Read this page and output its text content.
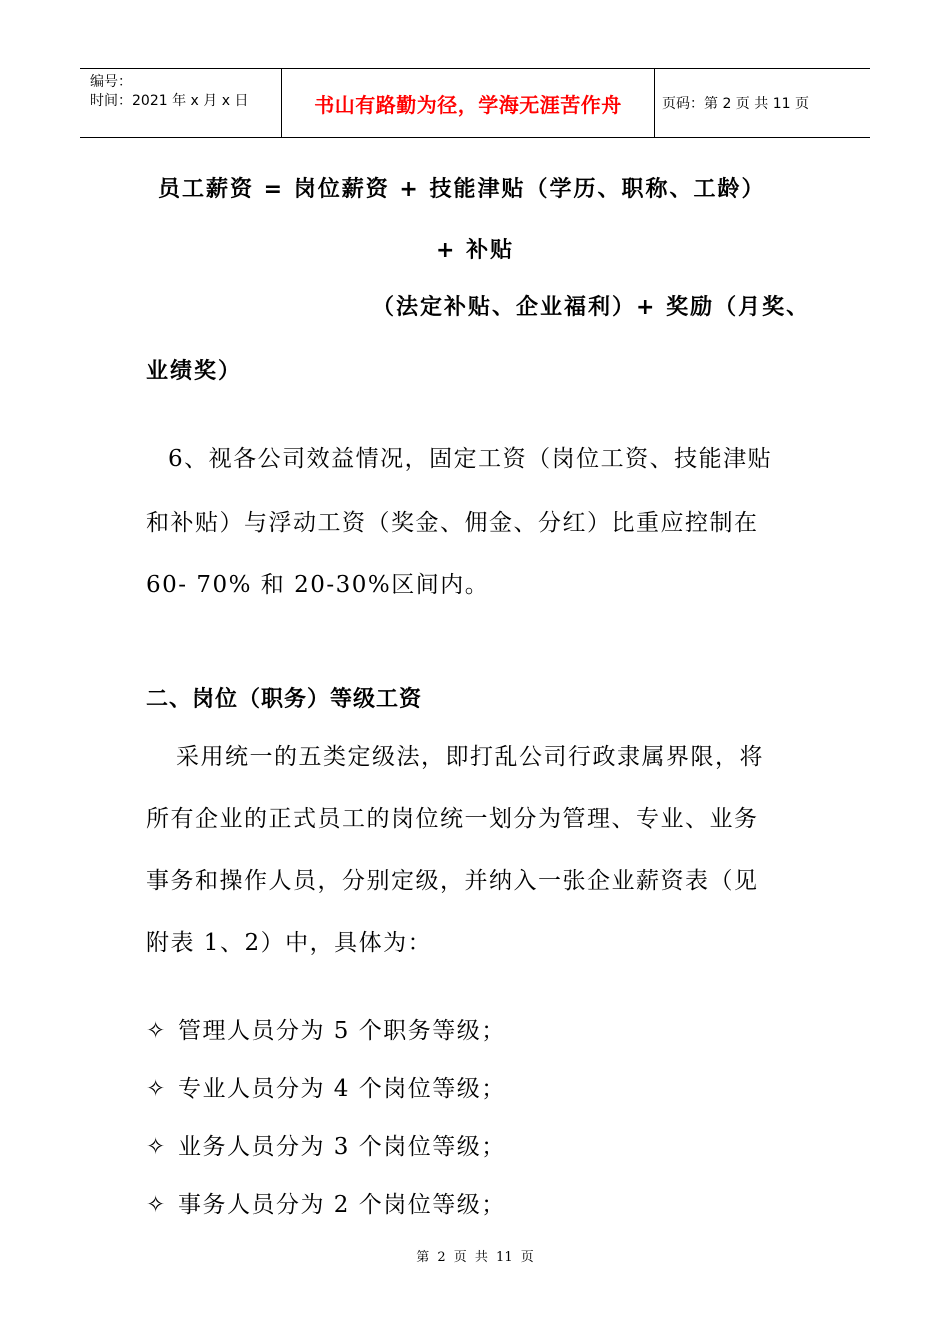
编号：
时间：2021 年 x 月 x 日	书山有路勤为径，学海无涯苦作舟	页码：第 2 页 共 11 页
员工薪资 = 岗位薪资 + 技能津贴（学历、职称、工龄）
+ 补贴
（法定补贴、企业福利）+ 奖励（月奖、
业绩奖）
6、视各公司效益情况，固定工资（岗位工资、技能津贴
和补贴）与浮动工资（奖金、佣金、分红）比重应控制在
60- 70% 和 20-30%区间内。
二、岗位（职务）等级工资
采用统一的五类定级法，即打乱公司行政隶属界限，将
所有企业的正式员工的岗位统一划分为管理、专业、业务
事务和操作人员，分别定级，并纳入一张企业薪资表（见
附表 1、2）中，具体为：
✧ 管理人员分为 5 个职务等级；
✧ 专业人员分为 4 个岗位等级；
✧ 业务人员分为 3 个岗位等级；
✧ 事务人员分为 2 个岗位等级；
第 2 页 共 11 页
